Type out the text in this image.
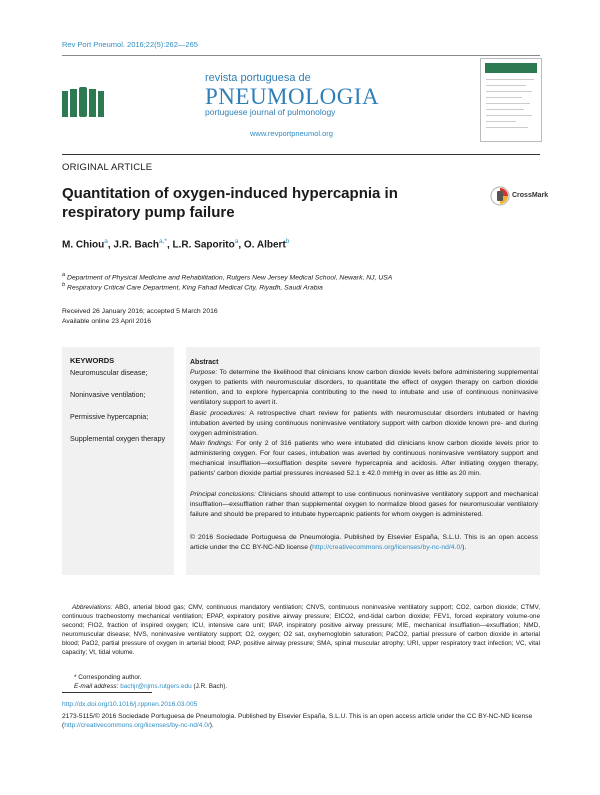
Rev Port Pneumol. 2016;22(5):262—265
revista portuguesa de
PNEUMOLOGIA
portuguese journal of pulmonology
www.revportpneumol.org
ORIGINAL ARTICLE
Quantitation of oxygen-induced hypercapnia in respiratory pump failure
CrossMark
M. Chiou$^a$, J.R. Bach$^{a,*}$, L.R. Saporito$^a$, O. Albert$^b$
$^a$ Department of Physical Medicine and Rehabilitation, Rutgers New Jersey Medical School, Newark, NJ, USA
$^b$ Respiratory Critical Care Department, King Fahad Medical City, Riyadh, Saudi Arabia
Received 26 January 2016; accepted 5 March 2016
Available online 23 April 2016
KEYWORDS
Neuromuscular disease;
Noninvasive ventilation;
Permissive hypercapnia;
Supplemental oxygen therapy
Abstract
Purpose: To determine the likelihood that clinicians know carbon dioxide levels before administering supplemental oxygen to patients with neuromuscular disorders, to quantitate the effect of oxygen therapy on carbon dioxide retention, and to explore hypercapnia contributing to the need to intubate and use of continuous noninvasive ventilatory support to avert it.
Basic procedures: A retrospective chart review for patients with neuromuscular disorders intubated or having intubation averted by using continuous noninvasive ventilatory support with carbon dioxide known pre- and during oxygen administration.
Main findings: For only 2 of 316 patients who were intubated did clinicians know carbon dioxide levels prior to administering oxygen. For four cases, intubation was averted by continuous noninvasive ventilatory support and mechanical insufflation—exsufflation despite severe hypercapnia and acidosis. After initiating oxygen therapy, patients' carbon dioxide partial pressures increased 52.1 ± 42.0 mmHg in over as little as 20 min.
Principal conclusions: Clinicians should attempt to use continuous noninvasive ventilatory support and mechanical insufflation—exsufflation rather than supplemental oxygen to normalize blood gases for neuromuscular ventilatory failure and should be prepared to intubate hypercapnic patients for whom oxygen is administered.
© 2016 Sociedade Portuguesa de Pneumologia. Published by Elsevier España, S.L.U. This is an open access article under the CC BY-NC-ND license (http://creativecommons.org/licenses/by-nc-nd/4.0/).
Abbreviations: ABG, arterial blood gas; CMV, continuous mandatory ventilation; CNVS, continuous noninvasive ventilatory support; CO2, carbon dioxide; CTMV, continuous tracheostomy mechanical ventilation; EPAP, expiratory positive airway pressure; EtCO2, end-tidal carbon dioxide; FEV1, forced expiratory volume-one second; FIO2, fraction of inspired oxygen; ICU, intensive care unit; IPAP, inspiratory positive airway pressure; MIE, mechanical insufflation—exsufflation; NMD, neuromuscular disease; NVS, noninvasive ventilatory support; O2, oxygen; O2 sat, oxyhemoglobin saturation; PaCO2, partial pressure of carbon dioxide in arterial blood; PaO2, partial pressure of oxygen in arterial blood; PAP, positive airway pressure; SMA, spinal muscular atrophy; URI, upper respiratory tract infection; VC, vital capacity; Vt, tidal volume.
* Corresponding author.
E-mail address: bachjr@njms.rutgers.edu (J.R. Bach).
http://dx.doi.org/10.1016/j.rppnen.2016.03.005
2173-5115/© 2016 Sociedade Portuguesa de Pneumologia. Published by Elsevier España, S.L.U. This is an open access article under the CC BY-NC-ND license (http://creativecommons.org/licenses/by-nc-nd/4.0/).
